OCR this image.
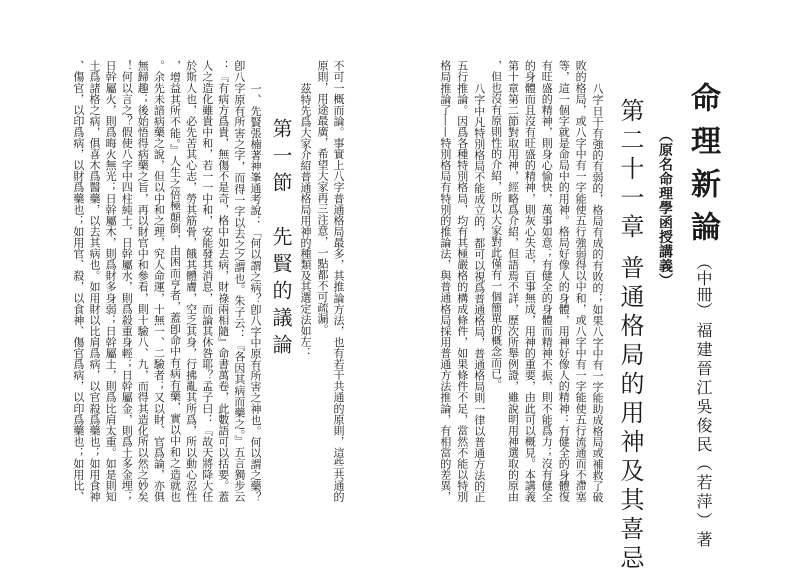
第一節　先賢的議論	不可一概而論。事實上八字普通格局最多，其推論方法，也有若干共通的原則，這些共通的
原則，用途最廣，希望大家再三注意，一點都不可疏漏。
茲特先爲大家介紹普通格局用神的種類及其選定法如左：
一、先賢張楠著神峯通考說：「何以謂之病？卽八字中原有所害之神也。何以謂之藥？
卽八字原有所害之字，而得一字以去之之謂也。朱子云：『各因其病而藥之。』五言獨步云
：『有病方爲貴，無傷不是奇，格中如去病，財祿兩相隨』命書萬卷，此數語可以括要。蓋
人之造化雖貴中和，若一一中和，安能發其消息，而論其休咎耶？孟子曰：『故天將降大任
於斯人也，必先苦其心志，勞其筋骨，餓其體膚，空乏其身，行拂亂其所爲，所以動心忍性
，增益其所不能。』人生之倍極顛倒，由困而亨者，蓋卽命中有病有藥，實以中和之造就也
。余先未諳病藥之說，但以中和之理，究人命運，十無一、二驗者；又以財、官爲論，亦俱
無歸趣；後始悟得病藥之旨，再以財官中和參看，則十驗八、九，而得其造化所以然之妙矣
！何以言之？假使八字中四柱純土，日幹屬水，則爲殺重身輕；日幹屬金，則爲土多金埋；
日幹屬火，則爲晦火無光；日幹屬木，則爲財多身弱；日幹屬土，則爲比肩太重。如是則知
土爲諸格之病，俱喜木爲醫藥，以去其病也。如用財以比肩爲病，以官殺爲藥也；如用食神
、傷官，以印爲病，以財爲藥也；如用官、殺，以食神、傷官爲病，以印爲藥也；如用比、	命理新論
（中冊）
福建晉江吳俊民（若萍）著
（原名命理學函授講義）
第二十一章普通格局的用神及其喜忌
八字日干有強的有弱的，格局有成的有敗的；如果八字中有一字能助成格局或補救了破
敗的格局，或八字中有一字能使五行強弱得以中和，或八字中有一字能使五行流通而不滯塞
等，這一個字就是命局中的用神。格局好像人的身體，用神好像人的精神：有健全的身體復
有旺盛的精神，則身心愉快，萬事如意；有健全的身體而精神不振，則不能爲力；沒有健全
的身體而且沒有旺盛的精神，則灰心失志，百事無成，用神的重要，由此可以概見。本講義
第十章第二節對取用神，經略爲介紹，但語焉不詳，歷次所舉例證，雖說明用神選取的原由
，但也沒有原則性的介紹，所以大家對此僅有一個簡單的概念而已。
八字中凡特別格局不能成立的，都可以視爲普通格局，普通格局則一律以普通方法的正
五行推論。因爲各種特別格局，均有其極嚴格的構成條件，如果條件不足，當然不能以特別
格局推論了——特別格局有特別的推論法，與普通格局採用普通方法推論，有相當的差異，
